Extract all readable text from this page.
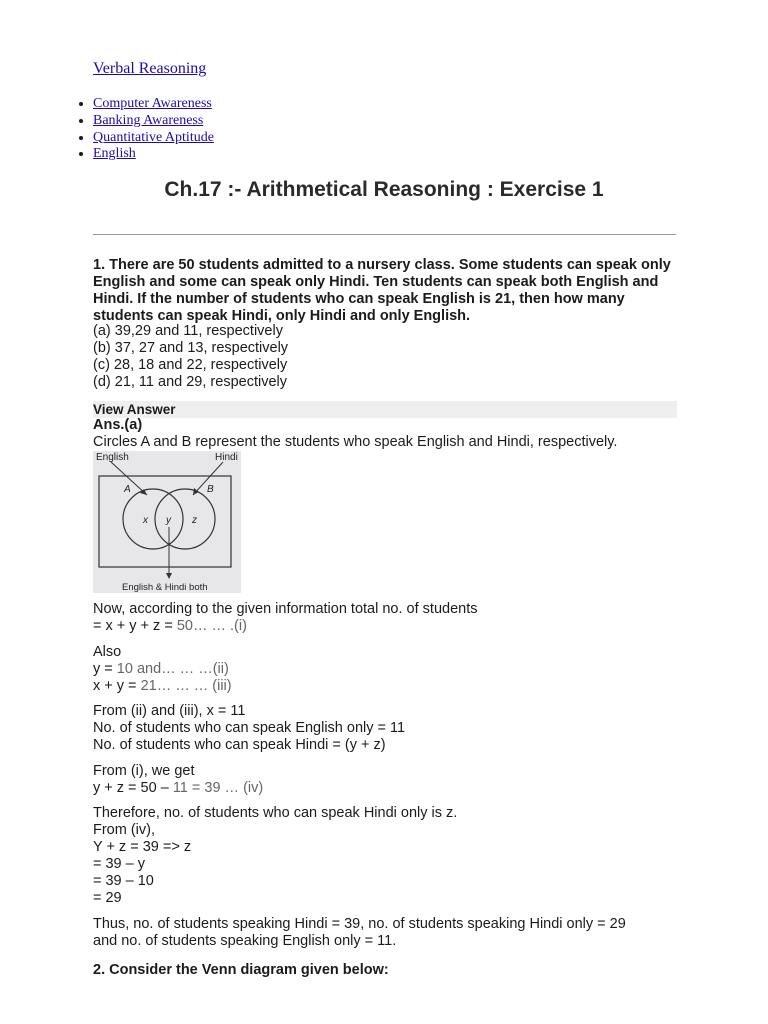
Verbal Reasoning
• Computer Awareness
• Banking Awareness
• Quantitative Aptitude
• English
Ch.17 :- Arithmetical Reasoning : Exercise 1
1. There are 50 students admitted to a nursery class. Some students can speak only English and some can speak only Hindi. Ten students can speak both English and Hindi. If the number of students who can speak English is 21, then how many students can speak Hindi, only Hindi and only English.
(a) 39,29 and 11, respectively
(b) 37, 27 and 13, respectively
(c) 28, 18 and 22, respectively
(d) 21, 11 and 29, respectively
View Answer
Ans.(a)
Circles A and B represent the students who speak English and Hindi, respectively.
English	Hindi
A	B
x y z
English & Hindi both
Now, according to the given information total no. of students
= x + y + z = 50… … .(i)
Also
y = 10 and… … …(ii)
x + y = 21… … … (iii)
From (ii) and (iii), x = 11
No. of students who can speak English only = 11
No. of students who can speak Hindi = (y + z)
From (i), we get
y + z = 50 – 11 = 39 … (iv)
Therefore, no. of students who can speak Hindi only is z.
From (iv),
Y + z = 39 => z
= 39 – y
= 39 – 10
= 29
Thus, no. of students speaking Hindi = 39, no. of students speaking Hindi only = 29
and no. of students speaking English only = 11.
2. Consider the Venn diagram given below:
